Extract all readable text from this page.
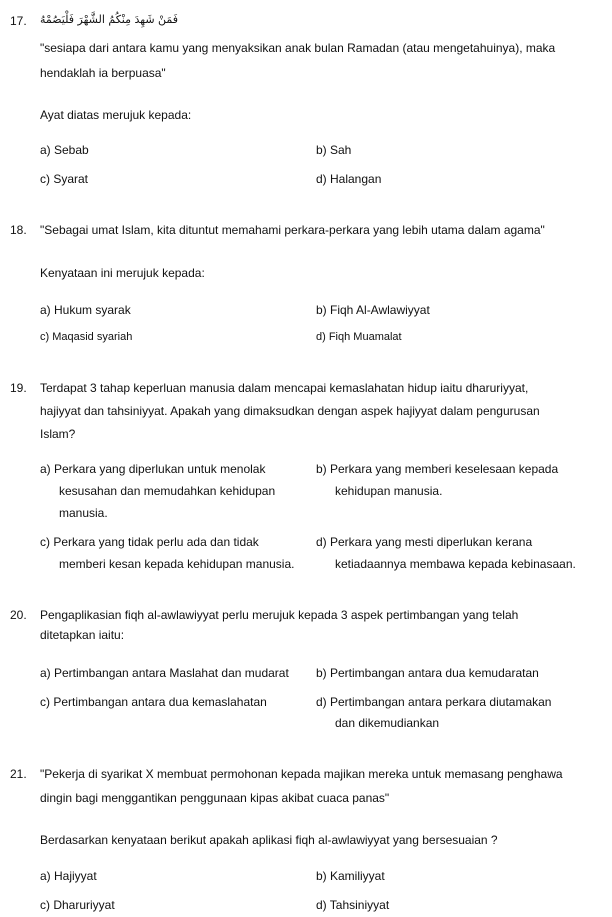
17. فَمَنْ شَهِدَ مِنْكُمُ الشَّهْرَ فَلْيَصُمْهُ
"sesiapa dari antara kamu yang menyaksikan anak bulan Ramadan (atau mengetahuinya), maka
hendaklah ia berpuasa"
Ayat diatas merujuk kepada:
a) Sebab	b) Sah
c) Syarat	d) Halangan
18. "Sebagai umat Islam, kita dituntut memahami perkara-perkara yang lebih utama dalam agama"
Kenyataan ini merujuk kepada:
a) Hukum syarak	b) Fiqh Al-Awlawiyyat
c) Maqasid syariah	d) Fiqh Muamalat
19. Terdapat 3 tahap keperluan manusia dalam mencapai kemaslahatan hidup iaitu dharuriyyat,
hajiyyat dan tahsiniyyat. Apakah yang dimaksudkan dengan aspek hajiyyat dalam pengurusan
Islam?
a) Perkara yang diperlukan untuk menolak
kesusahan dan memudahkan kehidupan
manusia.
b) Perkara yang memberi keselesaan kepada
kehidupan manusia.
c) Perkara yang tidak perlu ada dan tidak
memberi kesan kepada kehidupan manusia.
d) Perkara yang mesti diperlukan kerana
ketiadaannya membawa kepada kebinasaan.
20. Pengaplikasian fiqh al-awlawiyyat perlu merujuk kepada 3 aspek pertimbangan yang telah
ditetapkan iaitu:
a) Pertimbangan antara Maslahat dan mudarat b) Pertimbangan antara dua kemudaratan
c) Pertimbangan antara dua kemaslahatan	d) Pertimbangan antara perkara diutamakan
dan dikemudiankan
21. "Pekerja di syarikat X membuat permohonan kepada majikan mereka untuk memasang penghawa
dingin bagi menggantikan penggunaan kipas akibat cuaca panas"
Berdasarkan kenyataan berikut apakah aplikasi fiqh al-awlawiyyat yang bersesuaian ?
a) Hajiyyat	b) Kamiliyyat
c) Dharuriyyat	d) Tahsiniyyat
